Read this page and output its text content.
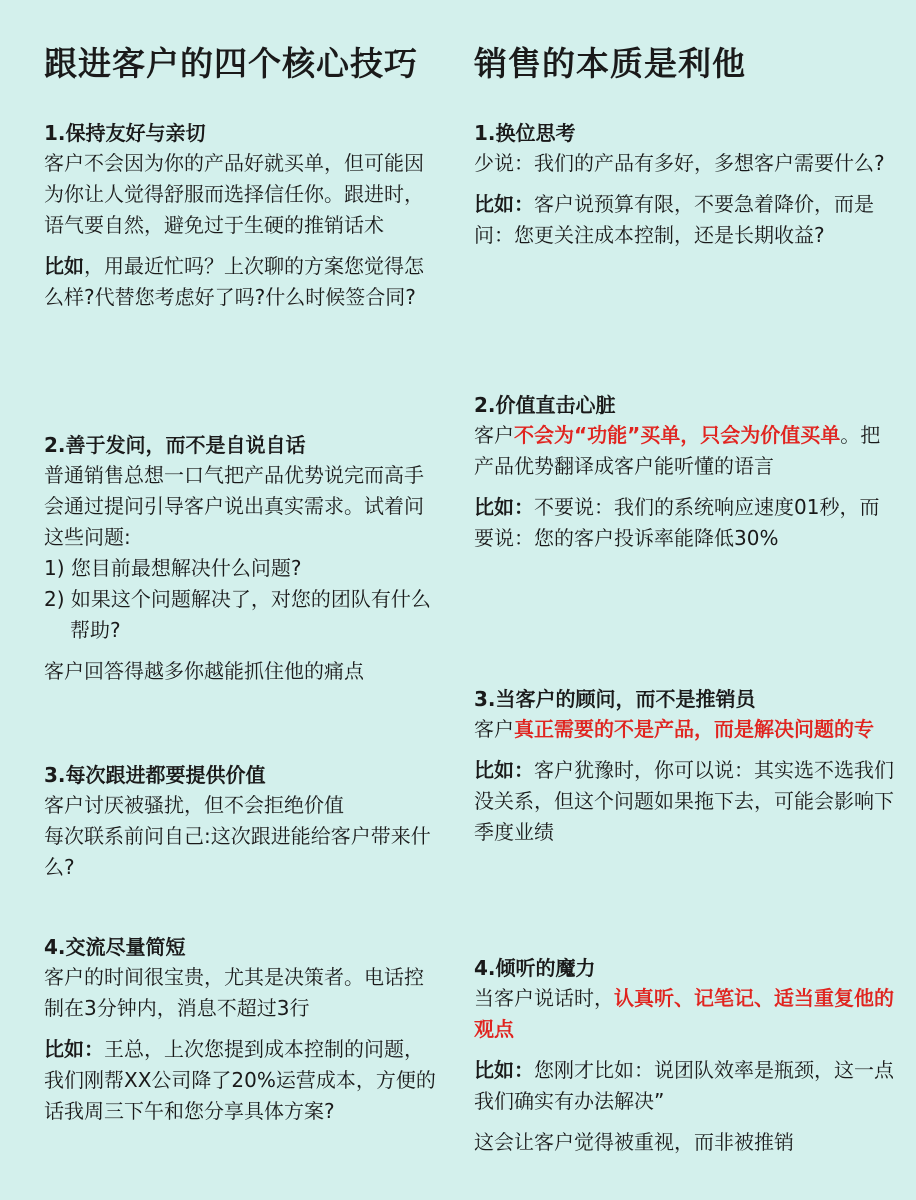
跟进客户的四个核心技巧

1.保持友好与亲切

客户不会因为你的产品好就买单，但可能因为你让人觉得舒服而选择信任你。跟进时，语气要自然，避免过于生硬的推销话术

比如，用最近忙吗？上次聊的方案您觉得怎么样?代替您考虑好了吗?什么时候签合同?

2.善于发问，而不是自说自话

普通销售总想一口气把产品优势说完而高手会通过提问引导客户说出真实需求。试着问这些问题:

1) 您目前最想解决什么问题?
2) 如果这个问题解决了，对您的团队有什么帮助?

客户回答得越多你越能抓住他的痛点

3.每次跟进都要提供价值

客户讨厌被骚扰，但不会拒绝价值

每次联系前问自己:这次跟进能给客户带来什么?

4.交流尽量简短

客户的时间很宝贵，尤其是决策者。电话控制在3分钟内，消息不超过3行

比如：王总，上次您提到成本控制的问题，我们刚帮XX公司降了20%运营成本，方便的话我周三下午和您分享具体方案?

销售的本质是利他

1.换位思考

少说：我们的产品有多好，多想客户需要什么?

比如：客户说预算有限，不要急着降价，而是问：您更关注成本控制，还是长期收益?

2.价值直击心脏

客户不会为“功能”买单，只会为价值买单。把产品优势翻译成客户能听懂的语言

比如：不要说：我们的系统响应速度01秒，而要说：您的客户投诉率能降低30%

3.当客户的顾问，而不是推销员

客户真正需要的不是产品，而是解决问题的专

比如：客户犹豫时，你可以说：其实选不选我们没关系，但这个问题如果拖下去，可能会影响下季度业绩

4.倾听的魔力

当客户说话时，认真听、记笔记、适当重复他的观点

比如：您刚才比如：说团队效率是瓶颈，这一点我们确实有办法解决”

这会让客户觉得被重视，而非被推销
